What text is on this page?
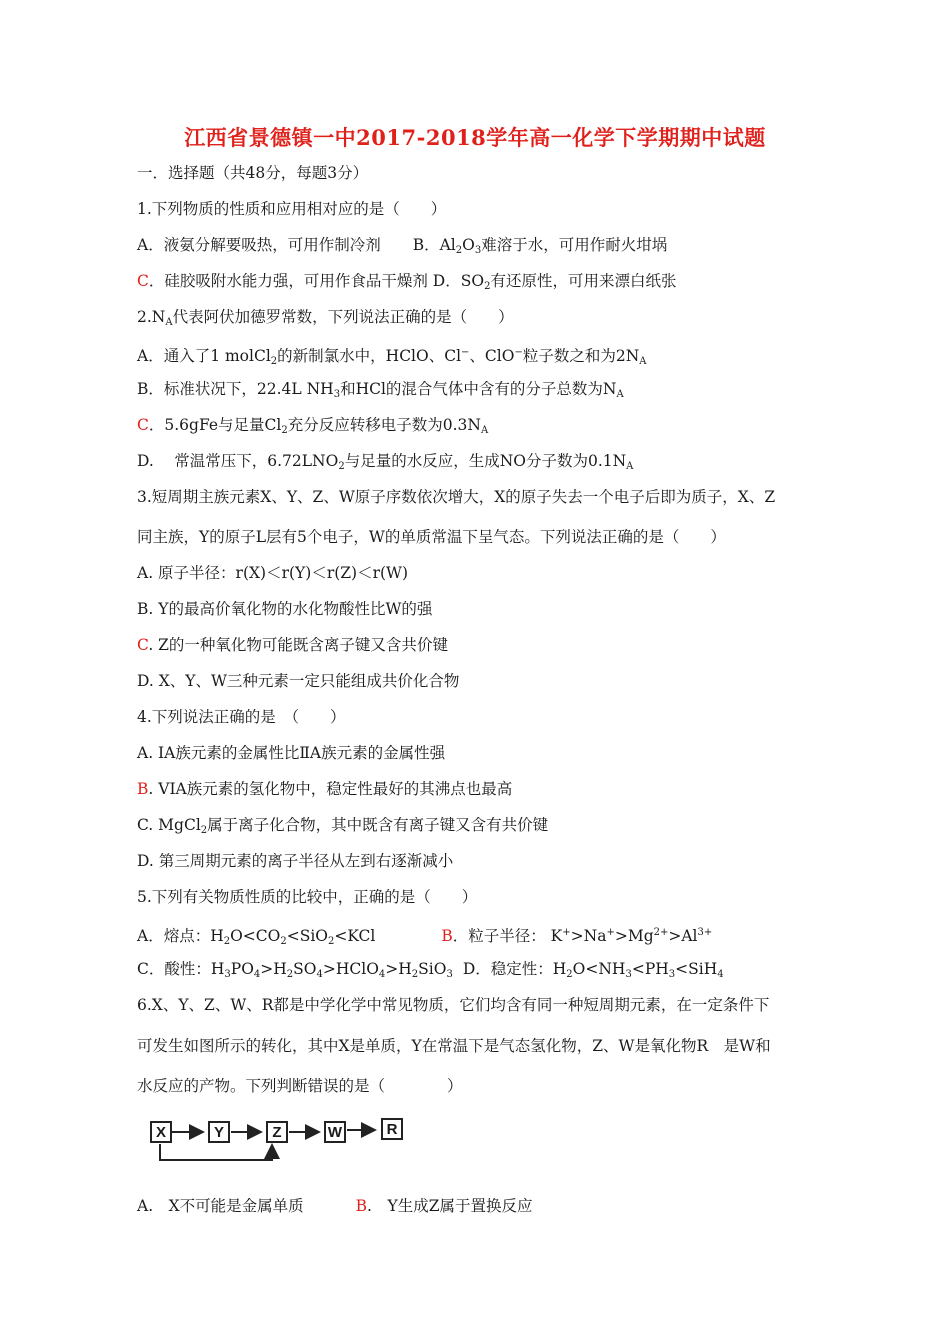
江西省景德镇一中2017-2018学年高一化学下学期期中试题
一．选择题（共48分，每题3分）
1.下列物质的性质和应用相对应的是（　　）
A．液氨分解要吸热，可用作制冷剂 B．$Al_2O_3$难溶于水，可用作耐火坩埚
C．硅胶吸附水能力强，可用作食品干燥剂 D．$SO_2$有还原性，可用来漂白纸张
$2.N_A$代表阿伏加德罗常数，下列说法正确的是（　　）
A．通入了1 molCl$_2$的新制氯水中，HClO、Cl−、ClO−粒子数之和为$2N_A$
B．标准状况下，22.4L $NH_3$和HCl的混合气体中含有的分子总数为$N_A$
C．5.6gFe与足量$Cl_2$充分反应转移电子数为$0.3N_A$
D.　 常温常压下，$6.72LNO_2$与足量的水反应，生成NO分子数为$0.1N_A$
3.短周期主族元素X、Y、Z、W原子序数依次增大，X的原子失去一个电子后即为质子，X、Z
同主族，Y的原子L层有5个电子，W的单质常温下呈气态。下列说法正确的是（　　）
A. 原子半径：r(X)＜r(Y)＜r(Z)＜r(W)
B. Y的最高价氧化物的水化物酸性比W的强
C. Z的一种氧化物可能既含离子键又含共价键
D. X、Y、W三种元素一定只能组成共价化合物
4.下列说法正确的是　（　　）
A. ⅠA族元素的金属性比ⅡA族元素的金属性强
B. VIA族元素的氢化物中，稳定性最好的其沸点也最高
C. MgCl$_2$属于离子化合物，其中既含有离子键又含有共价键
D. 第三周期元素的离子半径从左到右逐渐减小
5.下列有关物质性质的比较中，正确的是（　　）
A．熔点：$H_2O<CO_2<SiO_2<KCl$	B．粒子半径： $K^+>Na^+>Mg^{2+}>Al^{3+}$
C．酸性：$H_3PO_4>H_2SO_4>HClO_4>H_2SiO_3$ D．稳定性：$H_2O<NH_3<PH_3<SiH_4$
6.X、Y、Z、W、R都是中学化学中常见物质，它们均含有同一种短周期元素，在一定条件下
可发生如图所示的转化，其中X是单质，Y在常温下是气态氢化物，Z、W是氧化物R　是W和
水反应的产物。下列判断错误的是（　　　　）
X	Y	Z	W	R
A.　X不可能是金属单质	B.　Y生成Z属于置换反应
